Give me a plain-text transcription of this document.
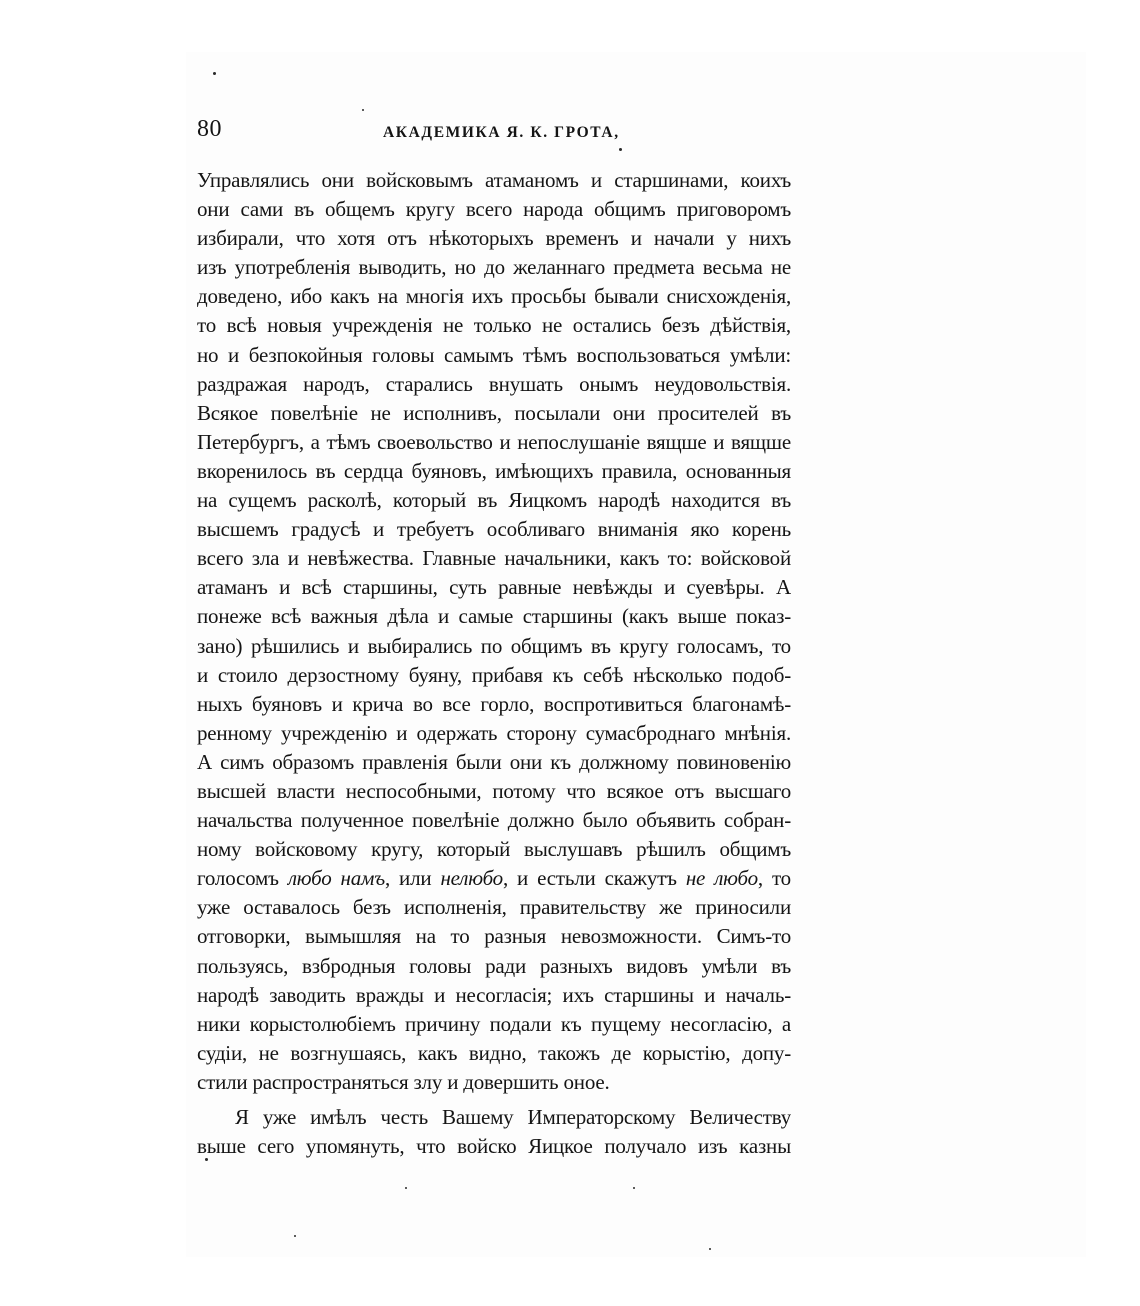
80	АКАДЕМИКА Я. К. ГРОТА,
Управлялись они войсковымъ атаманомъ и старшинами, коихъ
они сами въ общемъ кругу всего народа общимъ приговоромъ
избирали, что хотя отъ нѣкоторыхъ временъ и начали у нихъ
изъ употребленія выводить, но до желаннаго предмета весьма не
доведено, ибо какъ на многія ихъ просьбы бывали снисхожденія,
то всѣ новыя учрежденія не только не остались безъ дѣйствія,
но и безпокойныя головы самымъ тѣмъ воспользоваться умѣли:
раздражая народъ, старались внушать онымъ неудовольствія.
Всякое повелѣніе не исполнивъ, посылали они просителей въ
Петербургъ, а тѣмъ своевольство и непослушаніе вящше и вящше
вкоренилось въ сердца буяновъ, имѣющихъ правила, основанныя
на сущемъ расколѣ, который въ Яицкомъ народѣ находится въ
высшемъ градусѣ и требуетъ особливаго вниманія яко корень
всего зла и невѣжества. Главные начальники, какъ то: войсковой
атаманъ и всѣ старшины, суть равные невѣжды и суевѣры. А
понеже всѣ важныя дѣла и самые старшины (какъ выше показ-
зано) рѣшились и выбирались по общимъ въ кругу голосамъ, то
и стоило дерзостному буяну, прибавя къ себѣ нѣсколько подоб-
ныхъ буяновъ и крича во все горло, воспротивиться благонамѣ-
ренному учрежденію и одержать сторону сумасброднаго мнѣнія.
А симъ образомъ правленія были они къ должному повиновенію
высшей власти неспособными, потому что всякое отъ высшаго
начальства полученное повелѣніе должно было объявить собран-
ному войсковому кругу, который выслушавъ рѣшилъ общимъ
голосомъ любо намъ, или нелюбо, и естьли скажутъ не любо, то
уже оставалось безъ исполненія, правительству же приносили
отговорки, вымышляя на то разныя невозможности. Симъ-то
пользуясь, взбродныя головы ради разныхъ видовъ умѣли въ
народѣ заводить вражды и несогласія; ихъ старшины и началь-
ники корыстолюбіемъ причину подали къ пущему несогласію, а
судіи, не возгнушаясь, какъ видно, такожъ де корыстію, допу-
стили распространяться злу и довершить оное.
Я уже имѣлъ честь Вашему Императорскому Величеству
выше сего упомянуть, что войско Яицкое получало изъ казны
